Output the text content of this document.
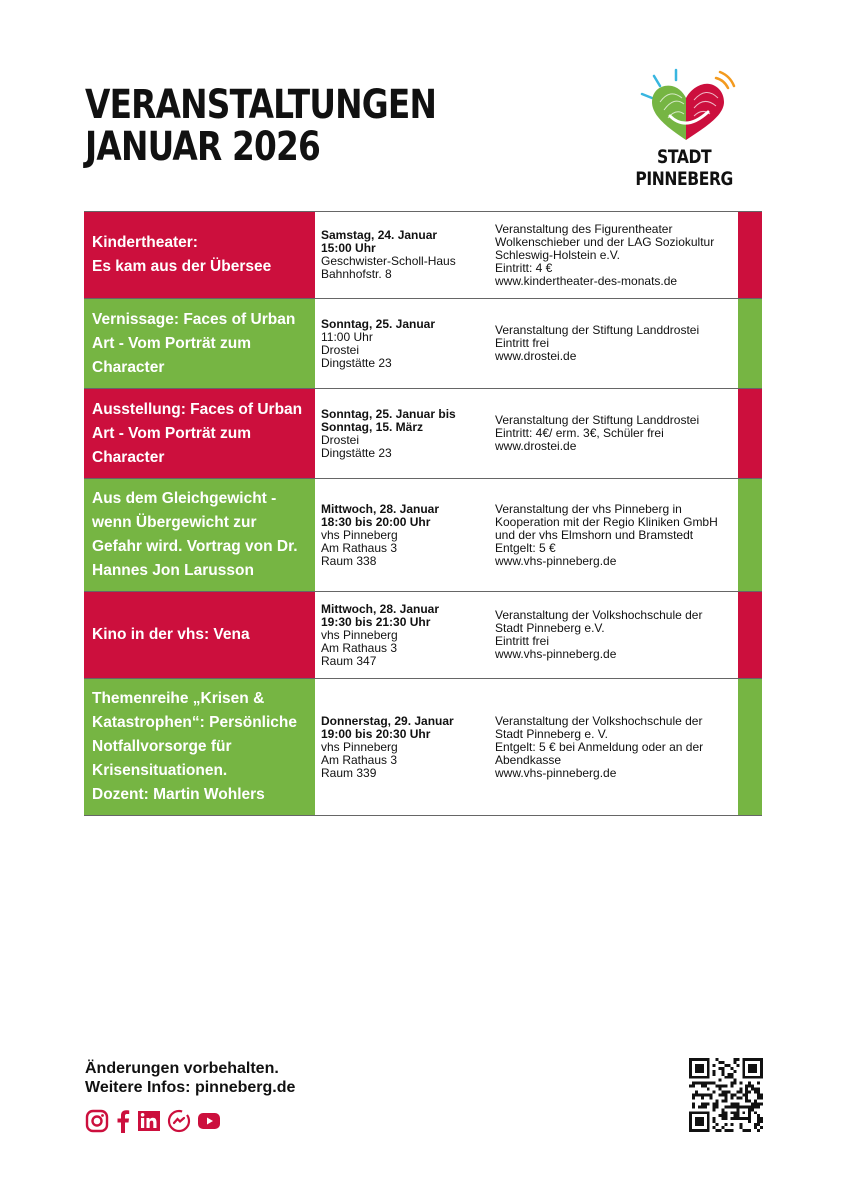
VERANSTALTUNGEN
JANUAR 2026	STADT PINNEBERG
Kindertheater:
Es kam aus der Übersee	Samstag, 24. Januar
15:00 Uhr
Geschwister-Scholl-Haus
Bahnhofstr. 8	Veranstaltung des Figurentheater Wolkenschieber und der LAG Soziokultur Schleswig-Holstein e.V.
Eintritt: 4 €
www.kindertheater-des-monats.de	

Vernissage: Faces of Urban Art - Vom Porträt zum Character	Sonntag, 25. Januar
11:00 Uhr
Drostei
Dingstätte 23	Veranstaltung der Stiftung Landdrostei
Eintritt frei
www.drostei.de	

Ausstellung: Faces of Urban Art - Vom Porträt zum Character	Sonntag, 25. Januar bis Sonntag, 15. März
Drostei
Dingstätte 23	Veranstaltung der Stiftung Landdrostei
Eintritt: 4€/ erm. 3€, Schüler frei
www.drostei.de	

Aus dem Gleichgewicht - wenn Übergewicht zur Gefahr wird. Vortrag von Dr. Hannes Jon Larusson	Mittwoch, 28. Januar
18:30 bis 20:00 Uhr
vhs Pinneberg
Am Rathaus 3
Raum 338	Veranstaltung der vhs Pinneberg in Kooperation mit der Regio Kliniken GmbH und der vhs Elmshorn und Bramstedt
Entgelt: 5 €
www.vhs-pinneberg.de	

Kino in der vhs: Vena	Mittwoch, 28. Januar
19:30 bis 21:30 Uhr
vhs Pinneberg
Am Rathaus 3
Raum 347	Veranstaltung der Volkshochschule der Stadt Pinneberg e.V.
Eintritt frei
www.vhs-pinneberg.de	

Themenreihe „Krisen & Katastrophen“: Persönliche Notfallvorsorge für Krisensituationen.
Dozent: Martin Wohlers	Donnerstag, 29. Januar
19:00 bis 20:30 Uhr
vhs Pinneberg
Am Rathaus 3
Raum 339	Veranstaltung der Volkshochschule der Stadt Pinneberg e. V.
Entgelt: 5 € bei Anmeldung oder an der Abendkasse
www.vhs-pinneberg.de	

Änderungen vorbehalten.
Weitere Infos: pinneberg.de
